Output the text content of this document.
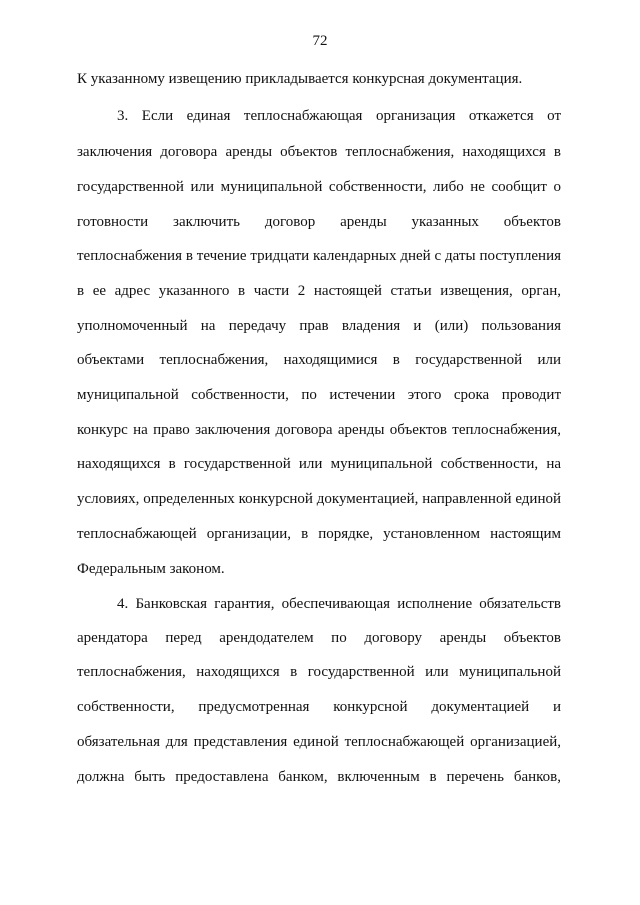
72
К указанному извещению прикладывается конкурсная документация.
3. Если единая теплоснабжающая организация откажется от
заключения договора аренды объектов теплоснабжения, находящихся в
государственной или муниципальной собственности, либо не сообщит о
готовности заключить договор аренды указанных объектов
теплоснабжения в течение тридцати календарных дней с даты поступления
в ее адрес указанного в части 2 настоящей статьи извещения, орган,
уполномоченный на передачу прав владения и (или) пользования
объектами теплоснабжения, находящимися в государственной или
муниципальной собственности, по истечении этого срока проводит
конкурс на право заключения договора аренды объектов теплоснабжения,
находящихся в государственной или муниципальной собственности, на
условиях, определенных конкурсной документацией, направленной единой
теплоснабжающей организации, в порядке, установленном настоящим
Федеральным законом.
4. Банковская гарантия, обеспечивающая исполнение обязательств
арендатора перед арендодателем по договору аренды объектов
теплоснабжения, находящихся в государственной или муниципальной
собственности, предусмотренная конкурсной документацией и
обязательная для представления единой теплоснабжающей организацией,
должна быть предоставлена банком, включенным в перечень банков,
